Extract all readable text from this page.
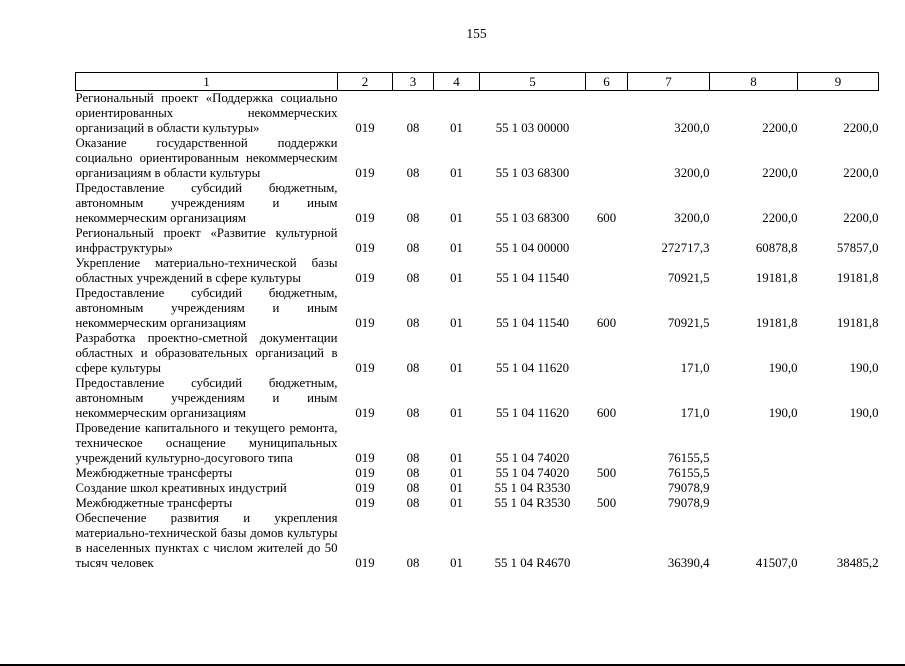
155
1	2	3	4	5	6	7	8	9
Региональный проект «Поддержка социально ориентированных некоммерческих организаций в области культуры»	019	08	01	55 1 03 00000		3200,0	2200,0	2200,0
Оказание государственной поддержки социально ориентированным некоммерческим организациям в области культуры	019	08	01	55 1 03 68300		3200,0	2200,0	2200,0
Предоставление субсидий бюджетным, автономным учреждениям и иным некоммерческим организациям	019	08	01	55 1 03 68300	600	3200,0	2200,0	2200,0
Региональный проект «Развитие культурной инфраструктуры»	019	08	01	55 1 04 00000		272717,3	60878,8	57857,0
Укрепление материально-технической базы областных учреждений в сфере культуры	019	08	01	55 1 04 11540		70921,5	19181,8	19181,8
Предоставление субсидий бюджетным, автономным учреждениям и иным некоммерческим организациям	019	08	01	55 1 04 11540	600	70921,5	19181,8	19181,8
Разработка проектно-сметной документации областных и образовательных организаций в сфере культуры	019	08	01	55 1 04 11620		171,0	190,0	190,0
Предоставление субсидий бюджетным, автономным учреждениям и иным некоммерческим организациям	019	08	01	55 1 04 11620	600	171,0	190,0	190,0
Проведение капитального и текущего ремонта, техническое оснащение муниципальных учреждений культурно-досугового типа	019	08	01	55 1 04 74020		76155,5		
Межбюджетные трансферты	019	08	01	55 1 04 74020	500	76155,5		
Создание школ креативных индустрий	019	08	01	55 1 04 R3530		79078,9		
Межбюджетные трансферты	019	08	01	55 1 04 R3530	500	79078,9		
Обеспечение развития и укрепления материально-технической базы домов культуры в населенных пунктах с числом жителей до 50 тысяч человек	019	08	01	55 1 04 R4670		36390,4	41507,0	38485,2
